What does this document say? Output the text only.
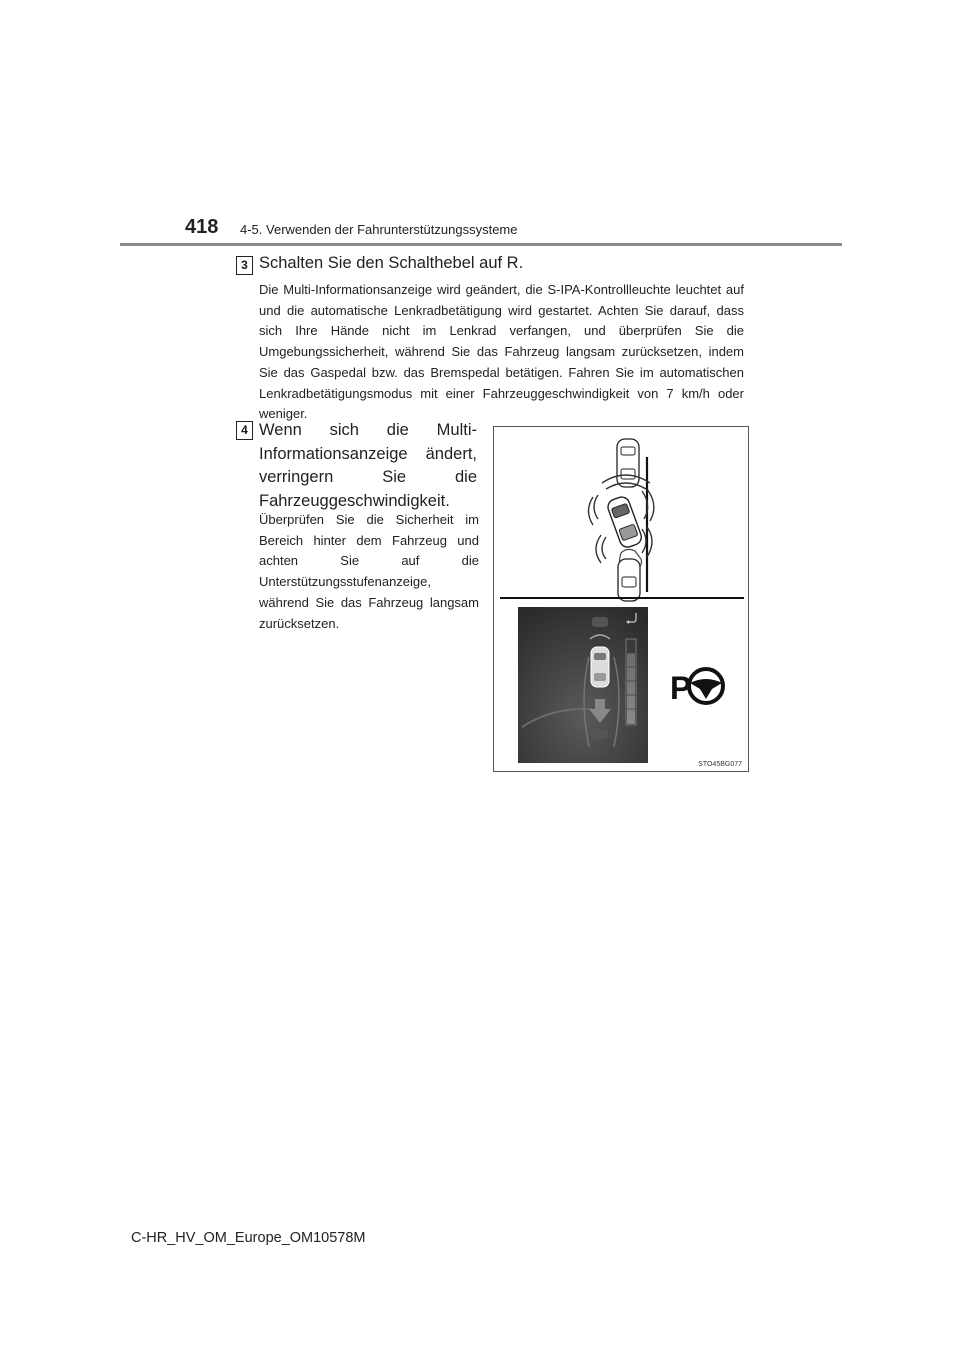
418 4-5. Verwenden der Fahrunterstützungssysteme
3 Schalten Sie den Schalthebel auf R.

Die Multi-Informationsanzeige wird geändert, die S-IPA-Kontrollleuchte leuchtet auf und die automatische Lenkradbetätigung wird gestartet. Achten Sie darauf, dass sich Ihre Hände nicht im Lenkrad verfangen, und überprüfen Sie die Umgebungssicherheit, während Sie das Fahrzeug langsam zurücksetzen, indem Sie das Gaspedal bzw. das Bremspedal betätigen. Fahren Sie im automatischen Lenkradbetätigungsmodus mit einer Fahrzeuggeschwindigkeit von 7 km/h oder weniger.

4 Wenn sich die Multi-Informationsanzeige ändert, verringern Sie die Fahrzeuggeschwindigkeit.

Überprüfen Sie die Sicherheit im Bereich hinter dem Fahrzeug und achten Sie auf die Unterstützungsstufenanzeige, während Sie das Fahrzeug langsam zurücksetzen.

P
STO45BG077
C-HR_HV_OM_Europe_OM10578M
